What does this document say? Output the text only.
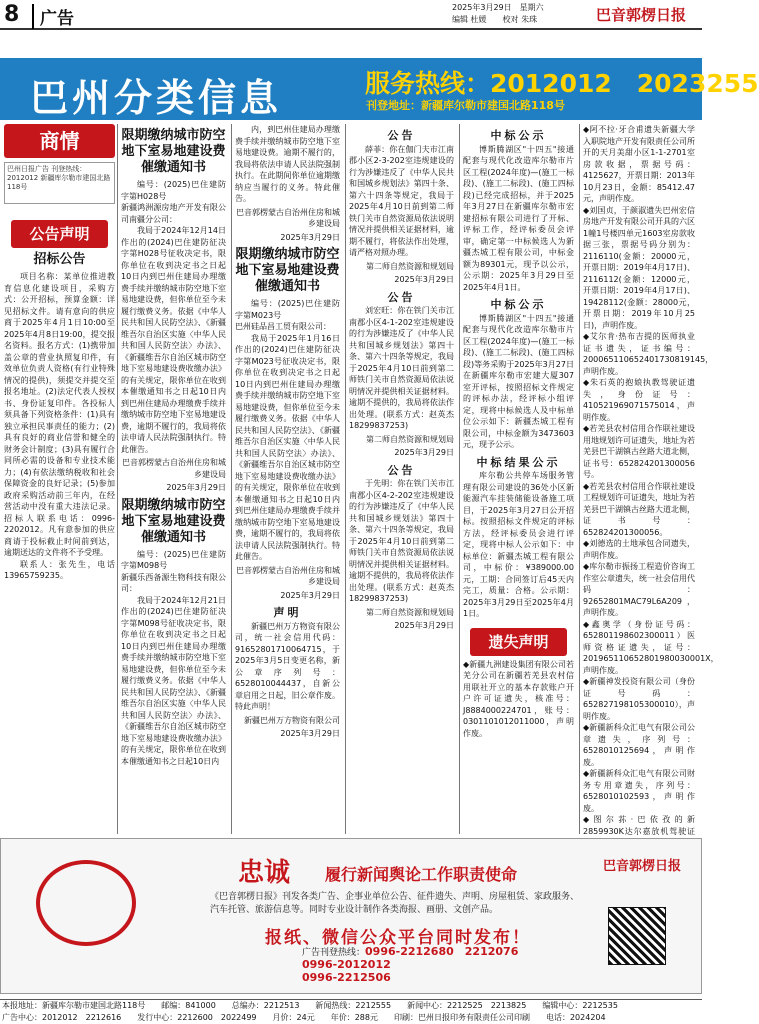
8	广告
2025年3月29日　星期六
编辑 杜媛　　校对 朱珠	巴音郭楞日报
巴州分类信息	服务热线：2012012　2023255
刊登地址：新疆库尔勒市建国北路118号
商情
巴州日报广告 刊登热线：2012012 新疆库尔勒市建国北路118号
公告声明
招标公告
项目名称：某单位推进教育信息化建设项目，采购方式：公开招标，预算金额：详见招标文件。请有意向的供应商于2025年4月1日10:00至2025年4月8日19:00，提交报名资料。报名方式：(1)携带加盖公章的营业执照复印件，有效单位负责人资格(有行业特殊情况的提供)，须提交并提交至报名地址。(2)法定代表人授权书、身份证复印件。各投标人须具备下列资格条件：(1)具有独立承担民事责任的能力；(2)具有良好的商业信誉和健全的财务会计制度；(3)具有履行合同所必需的设备和专业技术能力；(4)有依法缴纳税收和社会保障资金的良好记录；(5)参加政府采购活动前三年内，在经营活动中没有重大违法记录。招标人联系电话：0996-2202012。凡有意参加的供应商请于投标截止时间前到达，逾期送达的文件将不予受理。
联系人：张先生，电话13965759235。
限期缴纳城市防空地下室易地建设费催缴通知书
编号：(2025)巴住建防字第H028号
新疆鸿洲源房地产开发有限公司南疆分公司：
我局于2024年12月14日作出的(2024)巴住建防征决字第H028号征收决定书，限你单位在收到决定书之日起10日内到巴州住建局办理缴费手续并缴纳城市防空地下室易地建设费，但你单位至今未履行缴费义务。依据《中华人民共和国人民防空法》、《新疆维吾尔自治区实施〈中华人民共和国人民防空法〉办法》、《新疆维吾尔自治区城市防空地下室易地建设费收缴办法》的有关规定，限你单位在收到本催缴通知书之日起10日内到巴州住建局办理缴费手续并缴纳城市防空地下室易地建设费，逾期不履行的，我局将依法申请人民法院强制执行。特此催告。
巴音郭楞蒙古自治州住房和城乡建设局
2025年3月29日
限期缴纳城市防空地下室易地建设费催缴通知书
编号：(2025)巴住建防字第M098号
新疆乐西备源生物科技有限公司：
我局于2024年12月21日作出的(2024)巴住建防征决字第M098号征收决定书，限你单位在收到决定书之日起10日内到巴州住建局办理缴费手续并缴纳城市防空地下室易地建设费，但你单位至今未履行缴费义务。依据《中华人民共和国人民防空法》、《新疆维吾尔自治区实施〈中华人民共和国人民防空法〉办法》、《新疆维吾尔自治区城市防空地下室易地建设费收缴办法》的有关规定，限你单位在收到本催缴通知书之日起10日内
内，到巴州住建局办理缴费手续并缴纳城市防空地下室易地建设费。逾期不履行的，我局将依法申请人民法院强制执行。在此期间你单位逾期缴纳应当履行的义务。特此催告。
巴音郭楞蒙古自治州住房和城乡建设局
2025年3月29日
限期缴纳城市防空地下室易地建设费催缴通知书
编号：(2025)巴住建防字第M023号
巴州硅品昌工贸有限公司：
我局于2025年1月16日作出的(2024)巴住建防征决字第M023号征收决定书，限你单位在收到决定书之日起10日内到巴州住建局办理缴费手续并缴纳城市防空地下室易地建设费，但你单位至今未履行缴费义务。依据《中华人民共和国人民防空法》、《新疆维吾尔自治区实施〈中华人民共和国人民防空法〉办法》、《新疆维吾尔自治区城市防空地下室易地建设费收缴办法》的有关规定，限你单位在收到本催缴通知书之日起10日内到巴州住建局办理缴费手续并缴纳城市防空地下室易地建设费，逾期不履行的，我局将依法申请人民法院强制执行。特此催告。
巴音郭楞蒙古自治州住房和城乡建设局
2025年3月29日
声明
新疆巴州万方物资有限公司，统一社会信用代码：91652801710064715，于2025年3月5日变更名称，新公章序列号：6528010044437，自新公章启用之日起，旧公章作废。特此声明！
新疆巴州万方物资有限公司
2025年3月29日
公告
薛菲：你在伽门夫市江南郡小区2-3-202室违规建设的行为涉嫌违反了《中华人民共和国城乡规划法》第四十条、第六十四条等规定，我局于2025年4月10日前到第二师铁门关市自然资源局依法说明情况并提供相关证据材料，逾期不履行，将依法作出处理，请严格对照办理。
第二师自然资源和规划局
2025年3月29日
公告
刘宏旺：你在铁门关市江南郡小区4-1-202室违规建设的行为涉嫌违反了《中华人民共和国城乡规划法》第四十条、第六十四条等规定，我局于2025年4月10日前到第二师铁门关市自然资源局依法说明情况并提供相关证据材料。逾期不提供的，我局将依法作出处理。(联系方式：赵英杰18299837253)
第二师自然资源和规划局
2025年3月29日
公告
于先明：你在铁门关市江南郡小区4-2-202室违规建设的行为涉嫌违反了《中华人民共和国城乡规划法》第四十条、第六十四条等规定，我局于2025年4月10日前到第二师铁门关市自然资源局依法说明情况并提供相关证据材料。逾期不提供的，我局将依法作出处理。(联系方式：赵英杰18299837253)
第二师自然资源和规划局
2025年3月29日
中标公示
博斯腾湖区"十四五"接通配套与现代化改造库尔勒市片区工程(2024年度)—(施工一标段)、(施工二标段)、(施工四标段)已经完成招标，并于2025年3月27日在新疆库尔勒市宏建招标有限公司进行了开标、评标工作，经评标委员会评审，确定第一中标候选人为新疆杰城工程有限公司，中标金额为89301元，现予以公示，公示期：2025年3月29日至2025年4月1日。
中标公示
博斯腾湖区"十四五"接通配套与现代化改造库尔勒市片区工程(2024年度)—(施工一标段)、(施工二标段)、(施工四标段)等务采购于2025年3月27日在新疆库尔勒市宏建大厦307室开评标，按照招标文件规定的评标办法，经评标小组评定，现将中标候选人及中标单位公示如下：新疆杰城工程有限公司，中标金额为3473603元，现予公示。
中标结果公示
库尔勒公共停车场服务管理有限公司建设的36处小区新能源汽车挂装储能设备施工项目，于2025年3月27日公开招标。按照招标文件规定的评标方法，经评标委员会进行评定，现将中标人公示如下：中标单位：新疆杰城工程有限公司，中标价：¥389000.00元，工期：合同签订后45天内完工，质量：合格。公示期：2025年3月29日至2025年4月1日。
遗失声明
◆新疆九洲建设集团有限公司若羌分公司在新疆若羌县农村信用联社开立的基本存款账户开户许可证遗失，核准号：J8884000224701，账号：0301101012011000，声明作废。
◆阿不拉·牙合甫遗失新疆大学入职院地产开发有限责任公司所开的天月美甜小区1-1-2701室房款收据，票据号码：4125627，开票日期：2013年10月23日，金额：85412.47元，声明作废。
◆刘国贞，于颜淑遗失巴州宏信房地产开发有限公司开具的六区1幢1号楼四单元1603室房款收据三张，票据号码分别为：2116110(金额：20000元，开票日期：2019年4月17日)、2116112(金额：12000元，开票日期：2019年4月17日)、19428112(金额：28000元，开票日期：2019年10月25日)，声明作废。
◆艾尔肯·热布吉提的医师执业证书遗失，证书编号：200065110652401730819145，声明作废。
◆朱石英的抱娘执教驾驶证遗失，身份证号：410521969071575014，声明作废。
◆若羌县农村信用合作联社建设用地规划许可证遗失，地址为若羌县巴干湖镇古丝路大道北侧，证书号：652824201300056号。
◆若羌县农村信用合作联社建设工程规划许可证遗失，地址为若羌县巴干湖镇古丝路大道北侧，证书号：652824201300056。
◆刘德选的土地承包合同遗失，声明作废。
◆库尔勒市振扬工程造价咨询工作室公章遗失，统一社会信用代码：92652801MAC79L6A209，声明作废。
◆鑫奥学（身份证号码：652801198602300011）医师资格证遗失，证号：201965110652801980030001X，声明作废。
◆新疆神发投资有限公司（身份证号码：652827198105300010），声明作废。
◆新疆新科众汇电气有限公司公章遗失，序列号：6528010125694，声明作废。
◆新疆新科众汇电气有限公司财务专用章遗失，序列号：6528010102593，声明作废。
◆图尔荪·巴依孜的新2859930K达尔嘉放机驾驶证
忠诚 履行新闻舆论工作职责使命	巴音郭楞日报
《巴音郭楞日报》刊发各类广告、企事业单位公告、征件遗失、声明、房屋租赁、家政服务、汽车托管、旅游信息等。同时专业设计制作各类海报、画册、文创产品。
报纸、微信公众平台同时发布！
广告刊登热线：0996-2212680　2212076
0996-2012012
0996-2212506
本报地址：新疆库尔勒市建国北路118号　　邮编：841000　　总编办：2212513　　新闻热线：2212555　　新闻中心：2212525　2213825　　编辑中心：2212535
广告中心：2012012　2212616　　发行中心：2212600　2022499　　月价：24元　　年价：288元　　印刷：巴州日报印务有限责任公司印刷　　电话：2024204
